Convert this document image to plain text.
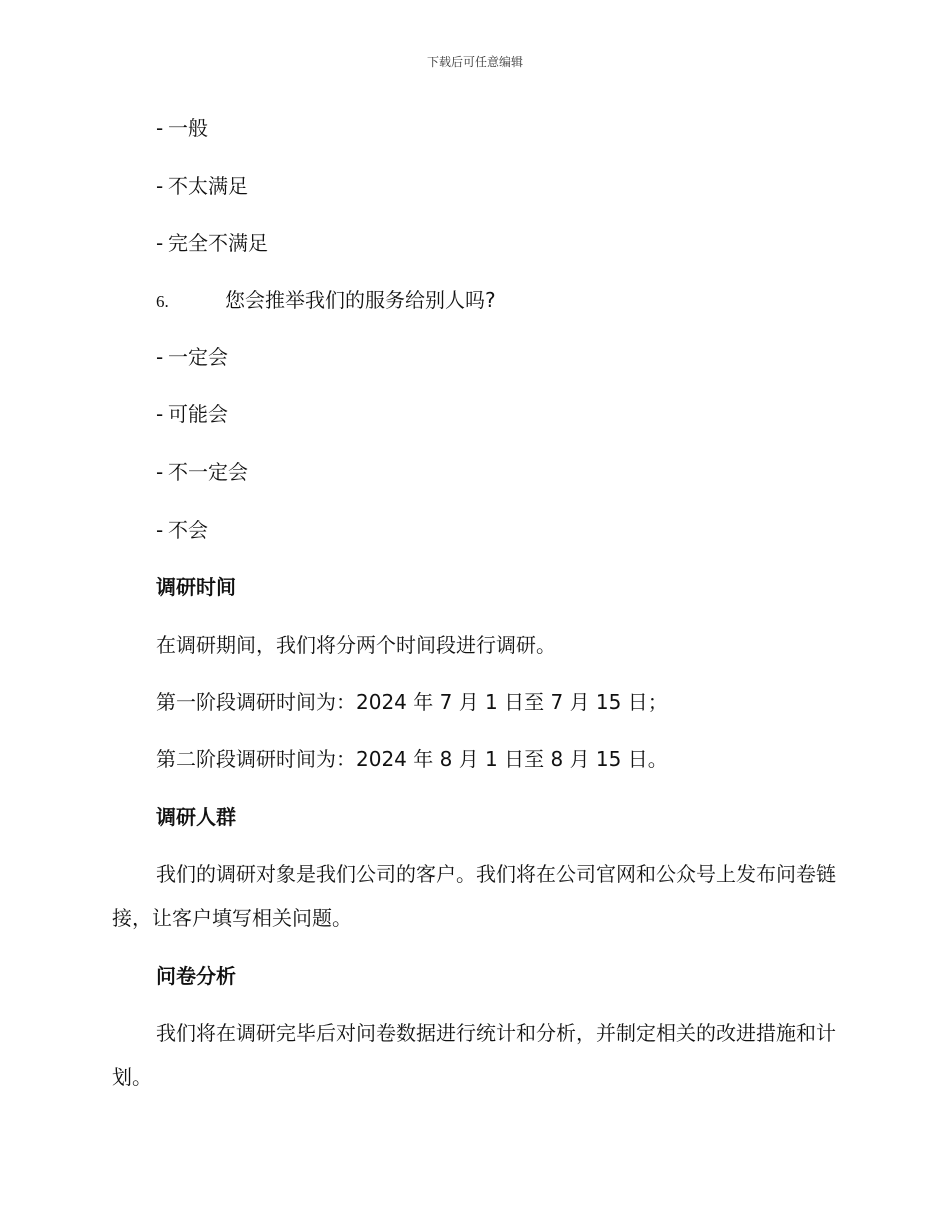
下载后可任意编辑
- 一般
- 不太满足
- 完全不满足
6.	您会推举我们的服务给别人吗?
- 一定会
- 可能会
- 不一定会
- 不会
调研时间
在调研期间，我们将分两个时间段进行调研。
第一阶段调研时间为：2024 年 7 月 1 日至 7 月 15 日；
第二阶段调研时间为：2024 年 8 月 1 日至 8 月 15 日。
调研人群

我们的调研对象是我们公司的客户。我们将在公司官网和公众号上发布问卷链接，让客户填写相关问题。

问卷分析

我们将在调研完毕后对问卷数据进行统计和分析，并制定相关的改进措施和计划。
